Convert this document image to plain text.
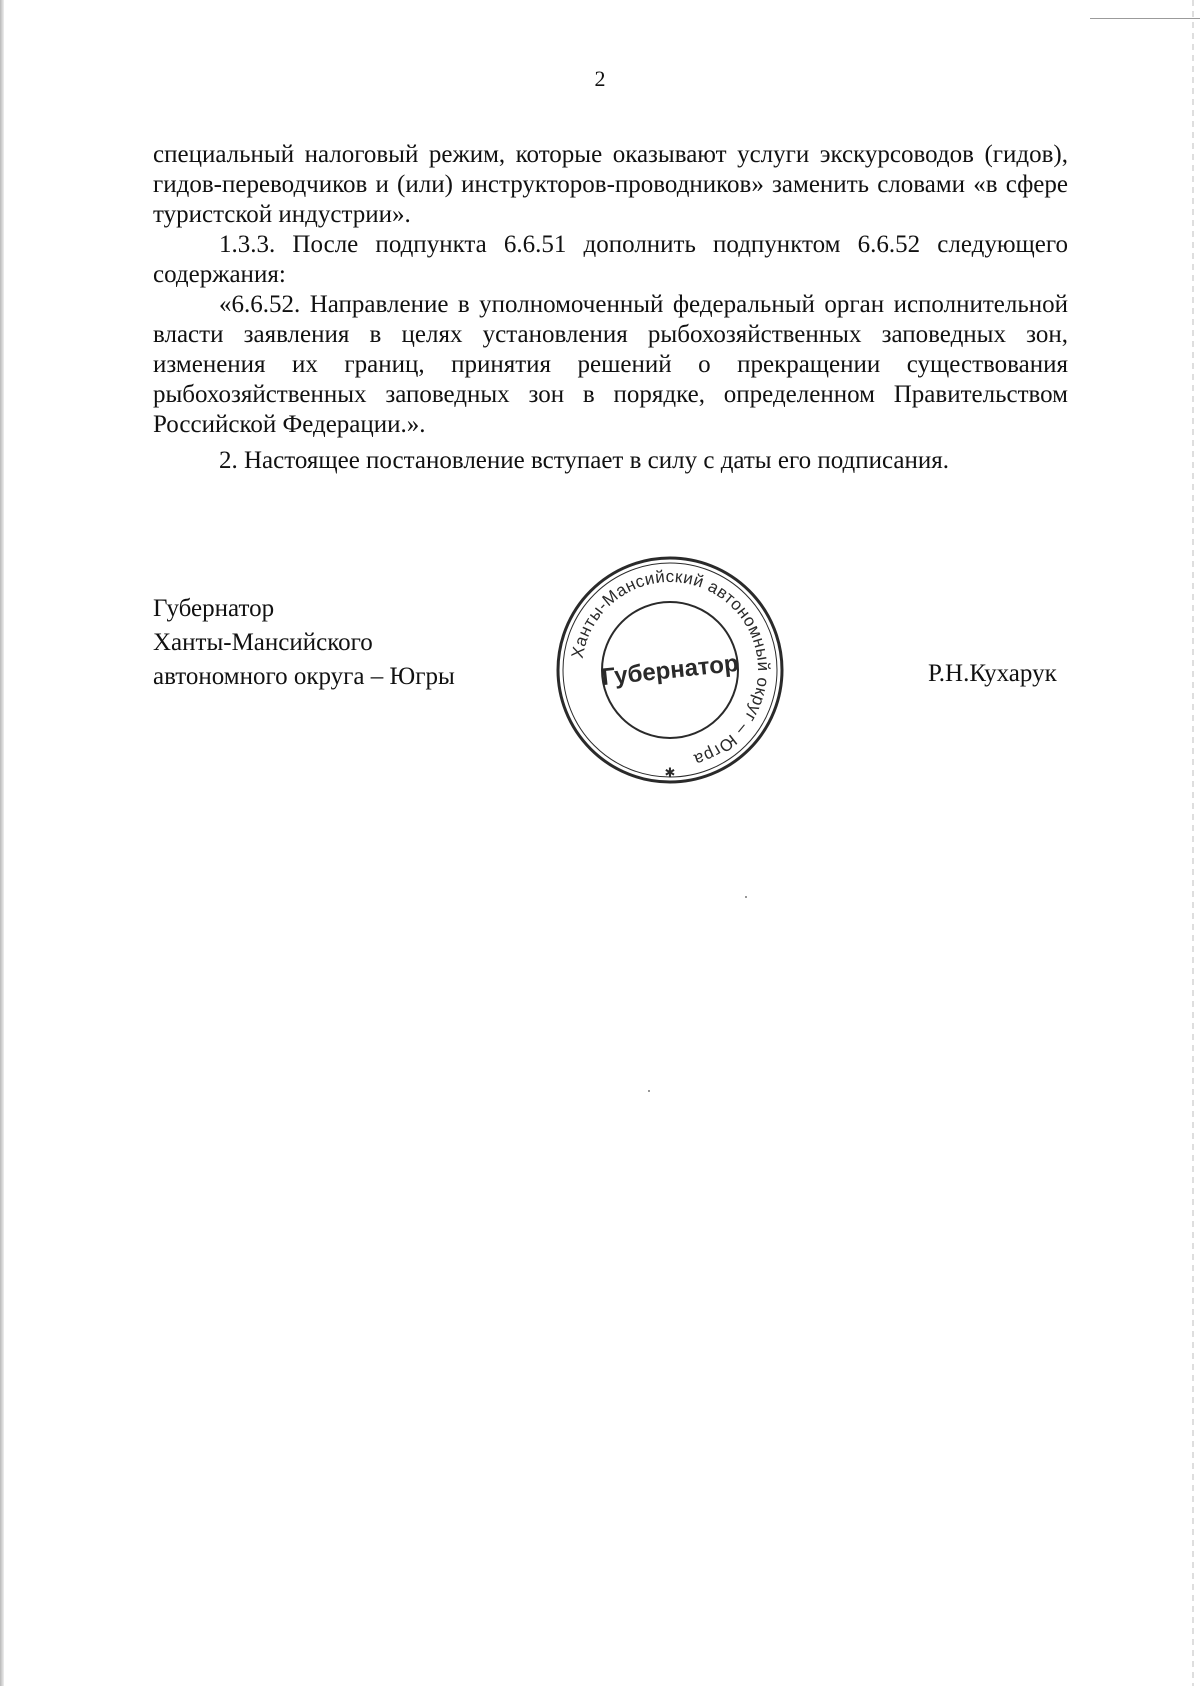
2

специальный налоговый режим, которые оказывают услуги экскурсоводов (гидов), гидов-переводчиков и (или) инструкторов-проводников» заменить словами «в сфере туристской индустрии».

1.3.3. После подпункта 6.6.51 дополнить подпунктом 6.6.52 следующего содержания:

«6.6.52. Направление в уполномоченный федеральный орган исполнительной власти заявления в целях установления рыбохозяйственных заповедных зон, изменения их границ, принятия решений о прекращении существования рыбохозяйственных заповедных зон в порядке, определенном Правительством Российской Федерации.».

2. Настоящее постановление вступает в силу с даты его подписания.

Губернатор
Ханты-Мансийского
автономного округа – Югры
Ханты-Мансийский автономный округ – Югра
Губернатор
✱
Р.Н.Кухарук
